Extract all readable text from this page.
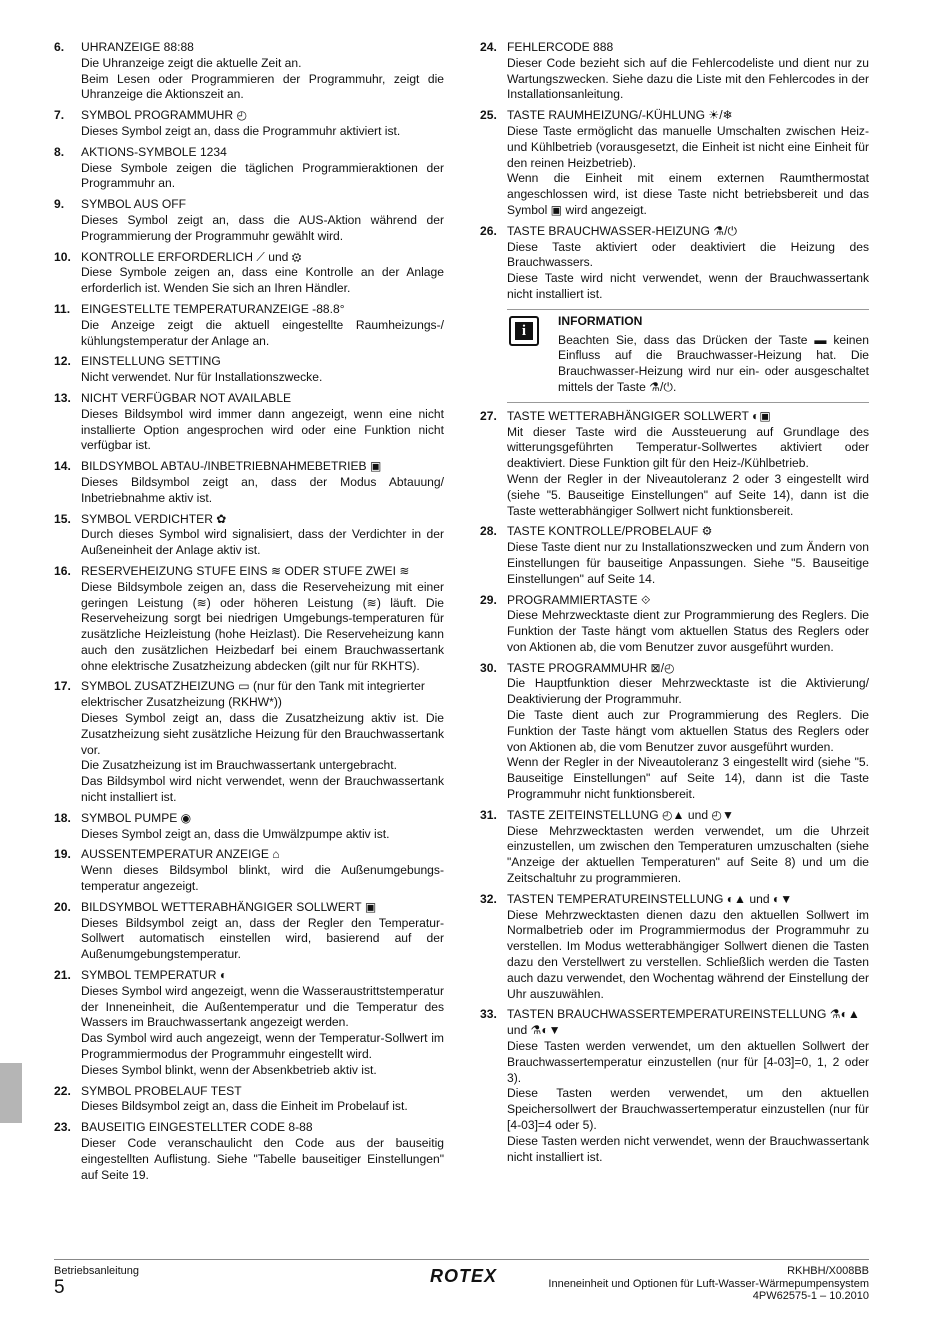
6. UHRANZEIGE 88:88
Die Uhranzeige zeigt die aktuelle Zeit an.
Beim Lesen oder Programmieren der Programmuhr, zeigt die Uhranzeige die Aktionszeit an.
7. SYMBOL PROGRAMMUHR ◴
Dieses Symbol zeigt an, dass die Programmuhr aktiviert ist.
8. AKTIONS-SYMBOLE 1234
Diese Symbole zeigen die täglichen Programmieraktionen der Programmuhr an.
9. SYMBOL AUS OFF
Dieses Symbol zeigt an, dass die AUS-Aktion während der Programmierung der Programmuhr gewählt wird.
10. KONTROLLE ERFORDERLICH ⟋ und ⚙
Diese Symbole zeigen an, dass eine Kontrolle an der Anlage erforderlich ist. Wenden Sie sich an Ihren Händler.
11. EINGESTELLTE TEMPERATURANZEIGE -88.8°
Die Anzeige zeigt die aktuell eingestellte Raumheizungs-/ kühlungstemperatur der Anlage an.
12. EINSTELLUNG SETTING
Nicht verwendet. Nur für Installationszwecke.
13. NICHT VERFÜGBAR NOT AVAILABLE
Dieses Bildsymbol wird immer dann angezeigt, wenn eine nicht installierte Option angesprochen wird oder eine Funktion nicht verfügbar ist.
14. BILDSYMBOL ABTAU-/INBETRIEBNAHMEBETRIEB ▣
Dieses Bildsymbol zeigt an, dass der Modus Abtauung/ Inbetriebnahme aktiv ist.
15. SYMBOL VERDICHTER ✿
Durch dieses Symbol wird signalisiert, dass der Verdichter in der Außeneinheit der Anlage aktiv ist.
16. RESERVEHEIZUNG STUFE EINS ≋ ODER STUFE ZWEI ≋
Diese Bildsymbole zeigen an, dass die Reserveheizung mit einer geringen Leistung (≋) oder höheren Leistung (≋) läuft. Die Reserveheizung sorgt bei niedrigen Umgebungs-temperaturen für zusätzliche Heizleistung (hohe Heizlast). Die Reserveheizung kann auch den zusätzlichen Heizbedarf bei einem Brauchwassertank ohne elektrische Zusatzheizung abdecken (gilt nur für RKHTS).
17. SYMBOL ZUSATZHEIZUNG ▭ (nur für den Tank mit integrierter elektrischer Zusatzheizung (RKHW*))
Dieses Symbol zeigt an, dass die Zusatzheizung aktiv ist. Die Zusatzheizung sieht zusätzliche Heizung für den Brauchwassertank vor.
Die Zusatzheizung ist im Brauchwassertank untergebracht.
Das Bildsymbol wird nicht verwendet, wenn der Brauchwassertank nicht installiert ist.
18. SYMBOL PUMPE ◉
Dieses Symbol zeigt an, dass die Umwälzpumpe aktiv ist.
19. AUSSENTEMPERATUR ANZEIGE ⌂
Wenn dieses Bildsymbol blinkt, wird die Außenumgebungs-temperatur angezeigt.
20. BILDSYMBOL WETTERABHÄNGIGER SOLLWERT ▣
Dieses Bildsymbol zeigt an, dass der Regler den Temperatur-Sollwert automatisch einstellen wird, basierend auf der Außenumgebungstemperatur.
21. SYMBOL TEMPERATUR ◐
Dieses Symbol wird angezeigt, wenn die Wasseraustrittstemperatur der Inneneinheit, die Außentemperatur und die Temperatur des Wassers im Brauchwassertank angezeigt werden.
Das Symbol wird auch angezeigt, wenn der Temperatur-Sollwert im Programmiermodus der Programmuhr eingestellt wird.
Dieses Symbol blinkt, wenn der Absenkbetrieb aktiv ist.
22. SYMBOL PROBELAUF TEST
Dieses Bildsymbol zeigt an, dass die Einheit im Probelauf ist.
23. BAUSEITIG EINGESTELLTER CODE 8-88
Dieser Code veranschaulicht den Code aus der bauseitig eingestellten Auflistung. Siehe "Tabelle bauseitiger Einstellungen" auf Seite 19.
24. FEHLERCODE 888
Dieser Code bezieht sich auf die Fehlercodeliste und dient nur zu Wartungszwecken. Siehe dazu die Liste mit den Fehlercodes in der Installationsanleitung.
25. TASTE RAUMHEIZUNG/-KÜHLUNG ☀/❄
Diese Taste ermöglicht das manuelle Umschalten zwischen Heiz- und Kühlbetrieb (vorausgesetzt, die Einheit ist nicht eine Einheit für den reinen Heizbetrieb).
Wenn die Einheit mit einem externen Raumthermostat angeschlossen wird, ist diese Taste nicht betriebsbereit und das Symbol ▣ wird angezeigt.
26. TASTE BRAUCHWASSER-HEIZUNG ⚗/⏻
Diese Taste aktiviert oder deaktiviert die Heizung des Brauchwassers.
Diese Taste wird nicht verwendet, wenn der Brauchwassertank nicht installiert ist.
i
INFORMATION
Beachten Sie, dass das Drücken der Taste ▬ keinen Einfluss auf die Brauchwasser-Heizung hat. Die Brauchwasser-Heizung wird nur ein- oder ausgeschaltet mittels der Taste ⚗/⏻.
27. TASTE WETTERABHÄNGIGER SOLLWERT ◐▣
Mit dieser Taste wird die Aussteuerung auf Grundlage des witterungsgeführten Temperatur-Sollwertes aktiviert oder deaktiviert. Diese Funktion gilt für den Heiz-/Kühlbetrieb.
Wenn der Regler in der Niveautoleranz 2 oder 3 eingestellt wird (siehe "5. Bauseitige Einstellungen" auf Seite 14), dann ist die Taste wetterabhängiger Sollwert nicht funktionsbereit.
28. TASTE KONTROLLE/PROBELAUF ⚙
Diese Taste dient nur zu Installationszwecken und zum Ändern von Einstellungen für bauseitige Anpassungen. Siehe "5. Bauseitige Einstellungen" auf Seite 14.
29. PROGRAMMIERTASTE ⟐
Diese Mehrzwecktaste dient zur Programmierung des Reglers. Die Funktion der Taste hängt vom aktuellen Status des Reglers oder von Aktionen ab, die vom Benutzer zuvor ausgeführt wurden.
30. TASTE PROGRAMMUHR ⊠/◴
Die Hauptfunktion dieser Mehrzwecktaste ist die Aktivierung/ Deaktivierung der Programmuhr.
Die Taste dient auch zur Programmierung des Reglers. Die Funktion der Taste hängt vom aktuellen Status des Reglers oder von Aktionen ab, die vom Benutzer zuvor ausgeführt wurden.
Wenn der Regler in der Niveautoleranz 3 eingestellt wird (siehe "5. Bauseitige Einstellungen" auf Seite 14), dann ist die Taste Programmuhr nicht funktionsbereit.
31. TASTE ZEITEINSTELLUNG ◴▲ und ◴▼
Diese Mehrzwecktasten werden verwendet, um die Uhrzeit einzustellen, um zwischen den Temperaturen umzuschalten (siehe "Anzeige der aktuellen Temperaturen" auf Seite 8) und um die Zeitschaltuhr zu programmieren.
32. TASTEN TEMPERATUREINSTELLUNG ◐▲ und ◐▼
Diese Mehrzwecktasten dienen dazu den aktuellen Sollwert im Normalbetrieb oder im Programmiermodus der Programmuhr zu verstellen. Im Modus wetterabhängiger Sollwert dienen die Tasten dazu den Verstellwert zu verstellen. Schließlich werden die Tasten auch dazu verwendet, den Wochentag während der Einstellung der Uhr auszuwählen.
33. TASTEN BRAUCHWASSERTEMPERATUREINSTELLUNG ⚗◐▲ und ⚗◐▼
Diese Tasten werden verwendet, um den aktuellen Sollwert der Brauchwassertemperatur einzustellen (nur für [4-03]=0, 1, 2 oder 3).
Diese Tasten werden verwendet, um den aktuellen Speichersollwert der Brauchwassertemperatur einzustellen (nur für [4-03]=4 oder 5).
Diese Tasten werden nicht verwendet, wenn der Brauchwassertank nicht installiert ist.
Betriebsanleitung
5
ROTEX	RKHBH/X008BB
Inneneinheit und Optionen für Luft-Wasser-Wärmepumpensystem
4PW62575-1 – 10.2010
